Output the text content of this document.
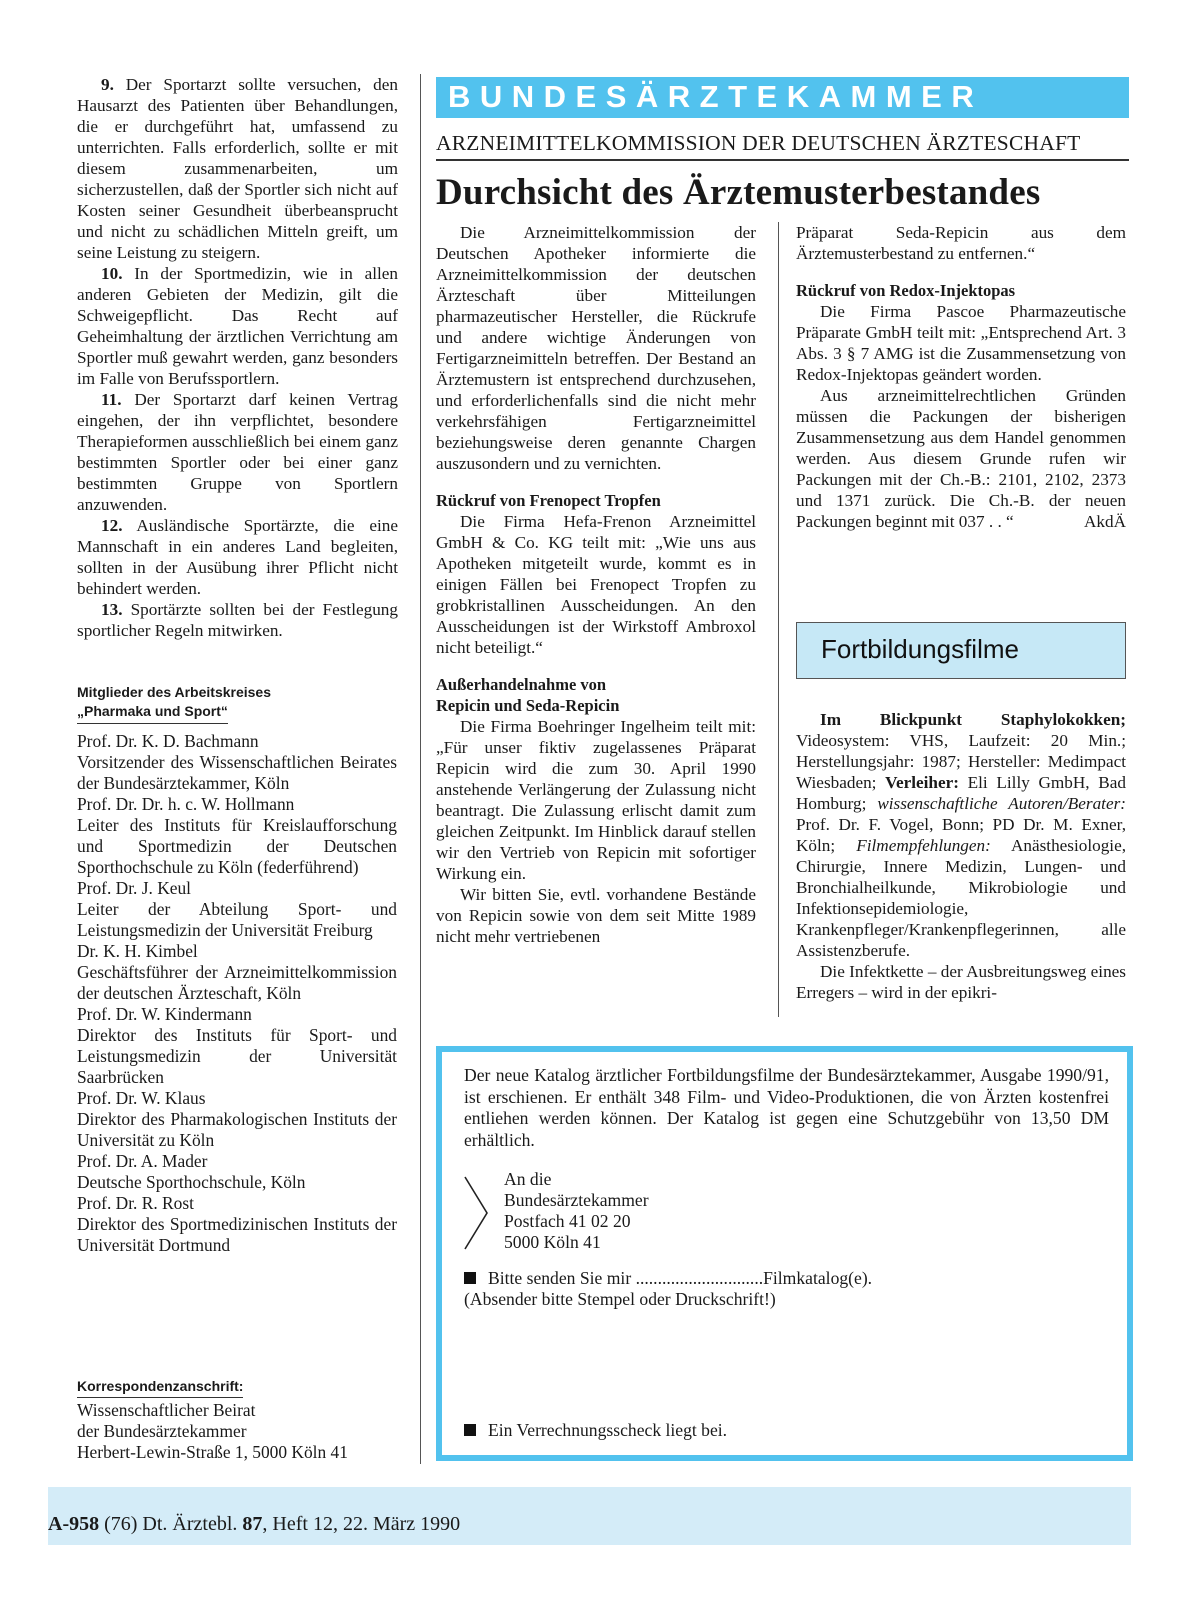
9. Der Sportarzt sollte versuchen, den Hausarzt des Patienten über Behandlungen, die er durchgeführt hat, umfassend zu unterrichten. Falls erforderlich, sollte er mit diesem zusammenarbeiten, um sicherzustellen, daß der Sportler sich nicht auf Kosten seiner Gesundheit überbeansprucht und nicht zu schädlichen Mitteln greift, um seine Leistung zu steigern.

10. In der Sportmedizin, wie in allen anderen Gebieten der Medizin, gilt die Schweigepflicht. Das Recht auf Geheimhaltung der ärztlichen Verrichtung am Sportler muß gewahrt werden, ganz besonders im Falle von Berufssportlern.

11. Der Sportarzt darf keinen Vertrag eingehen, der ihn verpflichtet, besondere Therapieformen ausschließlich bei einem ganz bestimmten Sportler oder bei einer ganz bestimmten Gruppe von Sportlern anzuwenden.

12. Ausländische Sportärzte, die eine Mannschaft in ein anderes Land begleiten, sollten in der Ausübung ihrer Pflicht nicht behindert werden.

13. Sportärzte sollten bei der Festlegung sportlicher Regeln mitwirken.

Mitglieder des Arbeitskreises
„Pharmaka und Sport“
Prof. Dr. K. D. Bachmann
Vorsitzender des Wissenschaftlichen Beirates der Bundesärztekammer, Köln
Prof. Dr. Dr. h. c. W. Hollmann
Leiter des Instituts für Kreislaufforschung und Sportmedizin der Deutschen Sporthochschule zu Köln (federführend)
Prof. Dr. J. Keul
Leiter der Abteilung Sport- und Leistungsmedizin der Universität Freiburg
Dr. K. H. Kimbel
Geschäftsführer der Arzneimittelkommission der deutschen Ärzteschaft, Köln
Prof. Dr. W. Kindermann
Direktor des Instituts für Sport- und Leistungsmedizin der Universität Saarbrücken
Prof. Dr. W. Klaus
Direktor des Pharmakologischen Instituts der Universität zu Köln
Prof. Dr. A. Mader
Deutsche Sporthochschule, Köln
Prof. Dr. R. Rost
Direktor des Sportmedizinischen Instituts der Universität Dortmund
Korrespondenzanschrift:
Wissenschaftlicher Beirat
der Bundesärztekammer
Herbert-Lewin-Straße 1, 5000 Köln 41
BUNDESÄRZTEKAMMER
ARZNEIMITTELKOMMISSION DER DEUTSCHEN ÄRZTESCHAFT
Durchsicht des Ärztemusterbestandes

Die Arzneimittelkommission der Deutschen Apotheker informierte die Arzneimittelkommission der deutschen Ärzteschaft über Mitteilungen pharmazeutischer Hersteller, die Rückrufe und andere wichtige Änderungen von Fertigarzneimitteln betreffen. Der Bestand an Ärztemustern ist entsprechend durchzusehen, und erforderlichenfalls sind die nicht mehr verkehrsfähigen Fertigarzneimittel beziehungsweise deren genannte Chargen auszusondern und zu vernichten.

Rückruf von Frenopect Tropfen

Die Firma Hefa-Frenon Arzneimittel GmbH & Co. KG teilt mit: „Wie uns aus Apotheken mitgeteilt wurde, kommt es in einigen Fällen bei Frenopect Tropfen zu grobkristallinen Ausscheidungen. An den Ausscheidungen ist der Wirkstoff Ambroxol nicht beteiligt.“

Außerhandelnahme von
Repicin und Seda-Repicin

Die Firma Boehringer Ingelheim teilt mit: „Für unser fiktiv zugelassenes Präparat Repicin wird die zum 30. April 1990 anstehende Verlängerung der Zulassung nicht beantragt. Die Zulassung erlischt damit zum gleichen Zeitpunkt. Im Hinblick darauf stellen wir den Vertrieb von Repicin mit sofortiger Wirkung ein.

Wir bitten Sie, evtl. vorhandene Bestände von Repicin sowie von dem seit Mitte 1989 nicht mehr vertriebenen

Präparat Seda-Repicin aus dem Ärztemusterbestand zu entfernen.“

Rückruf von Redox-Injektopas

Die Firma Pascoe Pharmazeutische Präparate GmbH teilt mit: „Entsprechend Art. 3 Abs. 3 § 7 AMG ist die Zusammensetzung von Redox-Injektopas geändert worden.

Aus arzneimittelrechtlichen Gründen müssen die Packungen der bisherigen Zusammensetzung aus dem Handel genommen werden. Aus diesem Grunde rufen wir Packungen mit der Ch.-B.: 2101, 2102, 2373 und 1371 zurück. Die Ch.-B. der neuen Packungen beginnt mit 037 . . “	AkdÄ

Fortbildungsfilme

Im Blickpunkt Staphylokokken; Videosystem: VHS, Laufzeit: 20 Min.; Herstellungsjahr: 1987; Hersteller: Medimpact Wiesbaden; Verleiher: Eli Lilly GmbH, Bad Homburg; wissenschaftliche Autoren/Berater: Prof. Dr. F. Vogel, Bonn; PD Dr. M. Exner, Köln; Filmempfehlungen: Anästhesiologie, Chirurgie, Innere Medizin, Lungen- und Bronchialheilkunde, Mikrobiologie und Infektionsepidemiologie, Krankenpfleger/Krankenpflegerinnen, alle Assistenzberufe.

Die Infektkette – der Ausbreitungsweg eines Erregers – wird in der epikri-

Der neue Katalog ärztlicher Fortbildungsfilme der Bundesärztekammer, Ausgabe 1990/91, ist erschienen. Er enthält 348 Film- und Video-Produktionen, die von Ärzten kostenfrei entliehen werden können. Der Katalog ist gegen eine Schutzgebühr von 13,50 DM erhältlich.

An die
Bundesärztekammer
Postfach 41 02 20
5000 Köln 41
Bitte senden Sie mir .............................Filmkatalog(e).
(Absender bitte Stempel oder Druckschrift!)
Ein Verrechnungsscheck liegt bei.
A-958 (76) Dt. Ärztebl. 87, Heft 12, 22. März 1990
